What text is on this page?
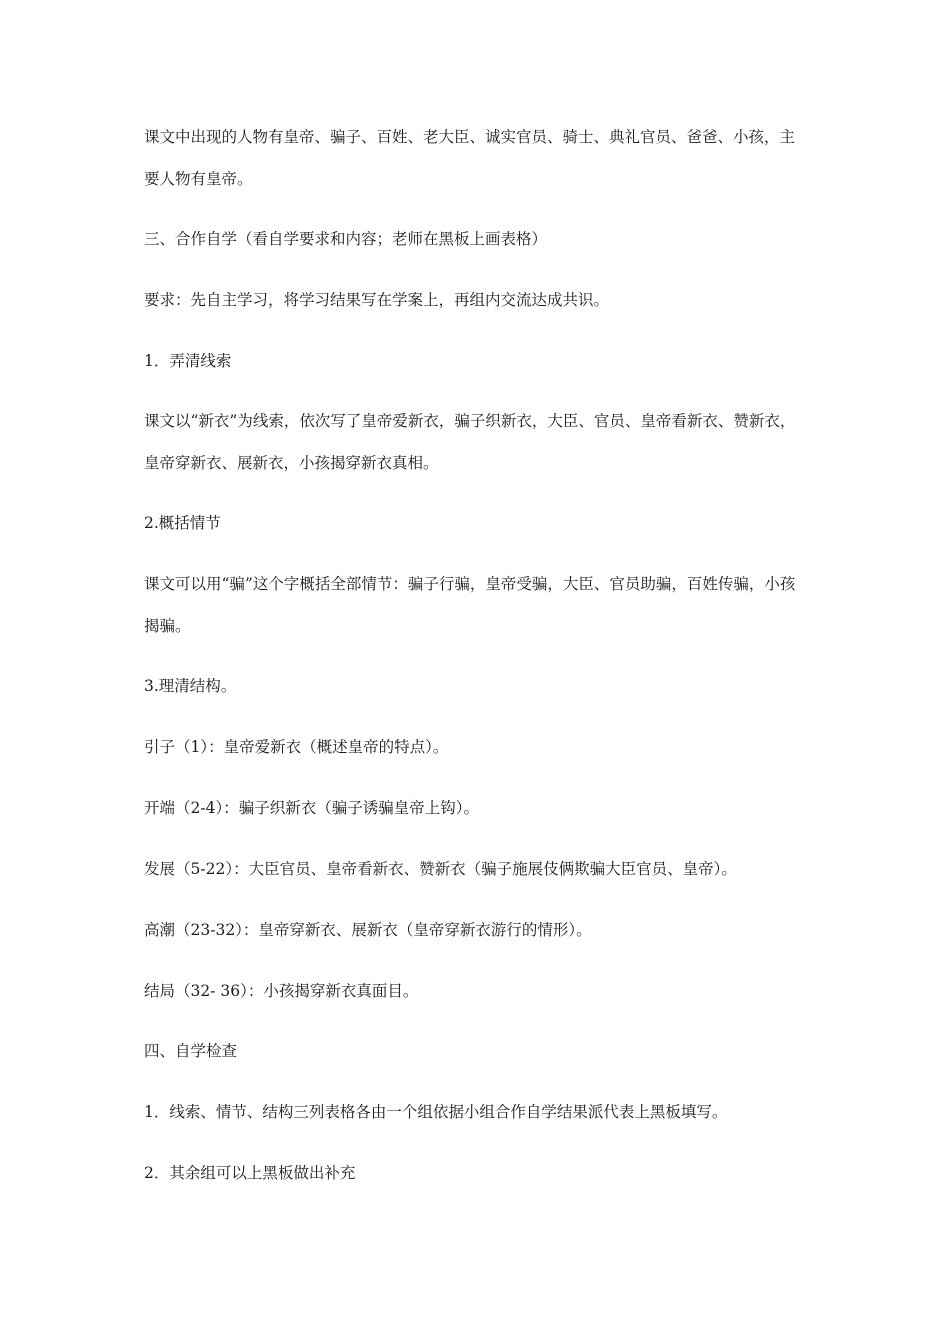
课文中出现的人物有皇帝、骗子、百姓、老大臣、诚实官员、骑士、典礼官员、爸爸、小孩，主要人物有皇帝。
三、合作自学（看自学要求和内容；老师在黑板上画表格）
要求：先自主学习，将学习结果写在学案上，再组内交流达成共识。
1．弄清线索
课文以“新衣”为线索，依次写了皇帝爱新衣，骗子织新衣，大臣、官员、皇帝看新衣、赞新衣，皇帝穿新衣、展新衣，小孩揭穿新衣真相。
2.概括情节
课文可以用“骗”这个字概括全部情节：骗子行骗，皇帝受骗，大臣、官员助骗，百姓传骗，小孩揭骗。
3.理清结构。
引子（1）：皇帝爱新衣（概述皇帝的特点）。
开端（2-4）：骗子织新衣（骗子诱骗皇帝上钩）。
发展（5-22）：大臣官员、皇帝看新衣、赞新衣（骗子施展伎俩欺骗大臣官员、皇帝）。
高潮（23-32）：皇帝穿新衣、展新衣（皇帝穿新衣游行的情形）。
结局（32- 36）：小孩揭穿新衣真面目。
四、自学检查
1．线索、情节、结构三列表格各由一个组依据小组合作自学结果派代表上黑板填写。
2．其余组可以上黑板做出补充
